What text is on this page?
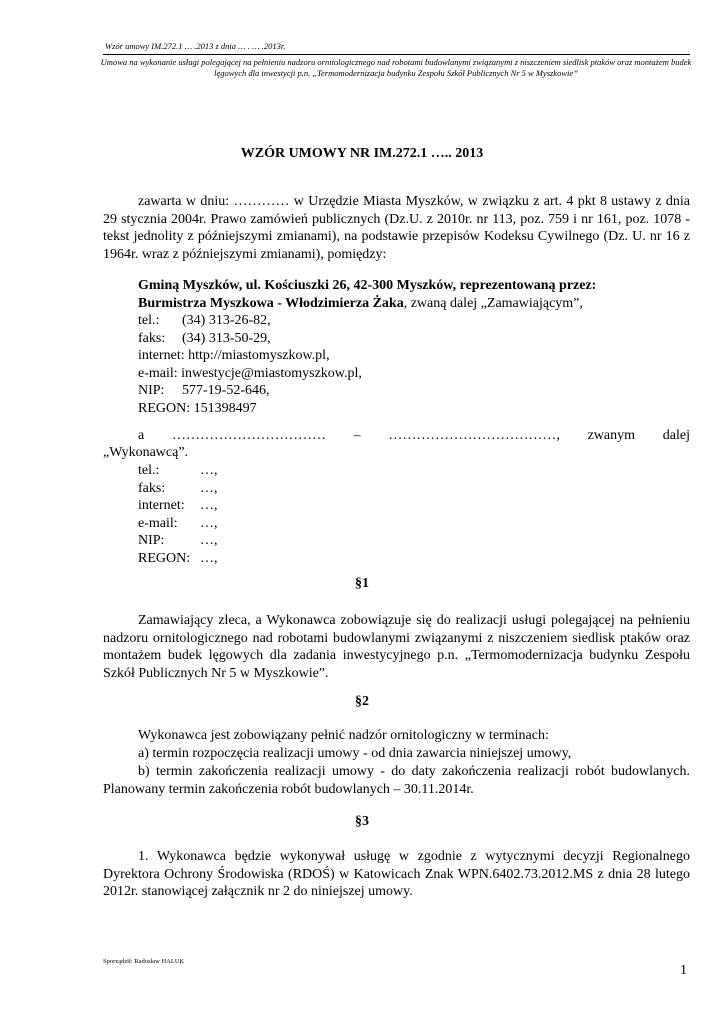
Wzór umowy IM.272.1 … .2013 z dnia … . … .2013r.
Umowa na wykonanie usługi polegającej na pełnieniu nadzoru ornitologicznego nad robotami budowlanymi związanymi z niszczeniem siedlisk ptaków oraz montażem budek lęgowych dla inwestycji p.n. „Termomodernizacja budynku Zespołu Szkół Publicznych Nr 5 w Myszkowie”
WZÓR UMOWY NR IM.272.1 ….. 2013
zawarta w dniu: ………… w Urzędzie Miasta Myszków, w związku z art. 4 pkt 8 ustawy z dnia 29 stycznia 2004r. Prawo zamówień publicznych (Dz.U. z 2010r. nr 113, poz. 759 i nr 161, poz. 1078 - tekst jednolity z późniejszymi zmianami), na podstawie przepisów Kodeksu Cywilnego (Dz. U. nr 16 z 1964r. wraz z późniejszymi zmianami), pomiędzy:
Gminą Myszków, ul. Kościuszki 26, 42-300 Myszków, reprezentowaną przez:
Burmistrza Myszkowa - Włodzimierza Żaka, zwaną dalej „Zamawiającym”,
tel.: (34) 313-26-82,
faks: (34) 313-50-29,
internet: http://miastomyszkow.pl,
e-mail: inwestycje@miastomyszkow.pl,
NIP: 577-19-52-646,
REGON: 151398497
a …………………………… – ………………………………, zwanym dalej
„Wykonawcą”.
tel.:	…,
faks: …,
internet: …,
e-mail: …,
NIP:	…,
REGON: …,
§1
Zamawiający zleca, a Wykonawca zobowiązuje się do realizacji usługi polegającej na pełnieniu nadzoru ornitologicznego nad robotami budowlanymi związanymi z niszczeniem siedlisk ptaków oraz montażem budek lęgowych dla zadania inwestycyjnego p.n. „Termomodernizacja budynku Zespołu Szkół Publicznych Nr 5 w Myszkowie”.
§2
Wykonawca jest zobowiązany pełnić nadzór ornitologiczny w terminach:
a) termin rozpoczęcia realizacji umowy - od dnia zawarcia niniejszej umowy,
b) termin zakończenia realizacji umowy - do daty zakończenia realizacji robót budowlanych. Planowany termin zakończenia robót budowlanych – 30.11.2014r.
§3
1. Wykonawca będzie wykonywał usługę w zgodnie z wytycznymi decyzji Regionalnego Dyrektora Ochrony Środowiska (RDOŚ) w Katowicach Znak WPN.6402.73.2012.MS z dnia 28 lutego 2012r. stanowiącej załącznik nr 2 do niniejszej umowy.
Sporządził: Radosław HALUK
1
